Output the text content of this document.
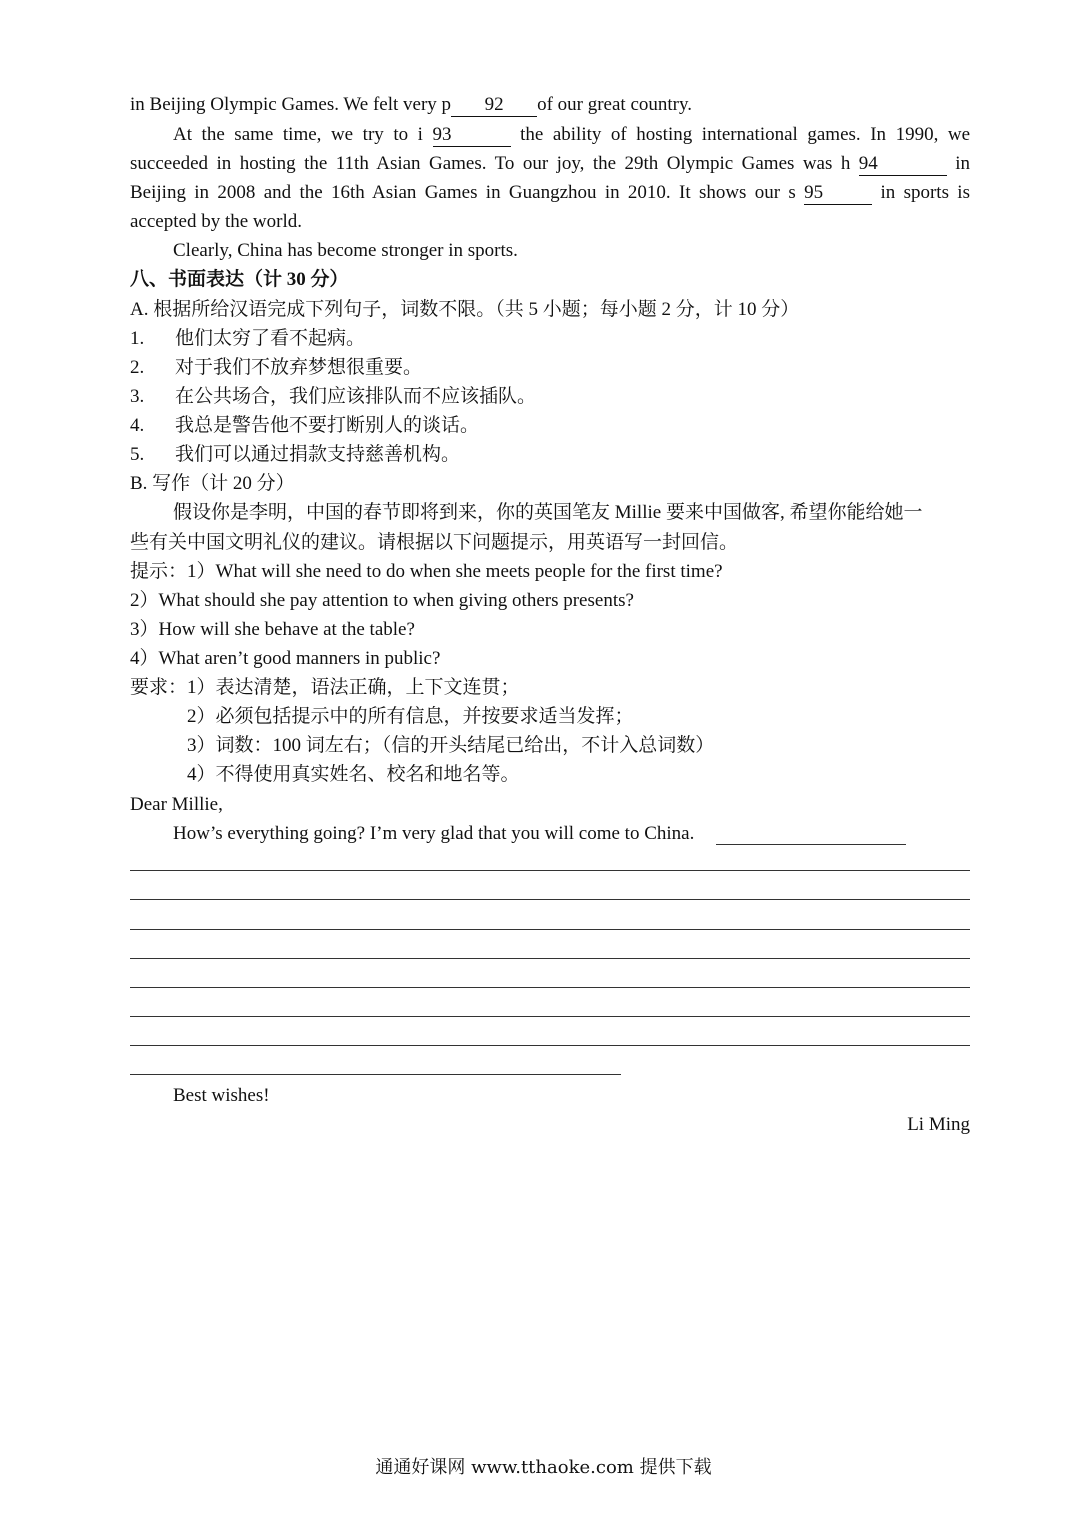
in Beijing Olympic Games. We felt very p 92 of our great country.
At the same time, we try to i 93	the ability of hosting international games. In 1990, we
succeeded in hosting the 11th Asian Games. To our joy, the 29th Olympic Games was h 94	in
Beijing in 2008 and the 16th Asian Games in Guangzhou in 2010. It shows our s 95	in sports is
accepted by the world.
Clearly, China has become stronger in sports.
八、书面表达（计 30 分）
A. 根据所给汉语完成下列句子，词数不限。（共 5 小题；每小题 2 分，计 10 分）
1. 他们太穷了看不起病。
2. 对于我们不放弃梦想很重要。
3. 在公共场合，我们应该排队而不应该插队。
4. 我总是警告他不要打断别人的谈话。
5. 我们可以通过捐款支持慈善机构。
B. 写作（计 20 分）
假设你是李明，中国的春节即将到来，你的英国笔友 Millie 要来中国做客, 希望你能给她一
些有关中国文明礼仪的建议。请根据以下问题提示，用英语写一封回信。
提示：1）What will she need to do when she meets people for the first time?
2）What should she pay attention to when giving others presents?
3）How will she behave at the table?
4）What aren’t good manners in public?
要求：1）表达清楚，语法正确，上下文连贯；
2）必须包括提示中的所有信息，并按要求适当发挥；
3）词数：100 词左右；（信的开头结尾已给出，不计入总词数）
4）不得使用真实姓名、校名和地名等。
Dear Millie,
How’s everything going? I’m very glad that you will come to China.
Best wishes!
Li Ming
通通好课网 www.tthaoke.com 提供下载
